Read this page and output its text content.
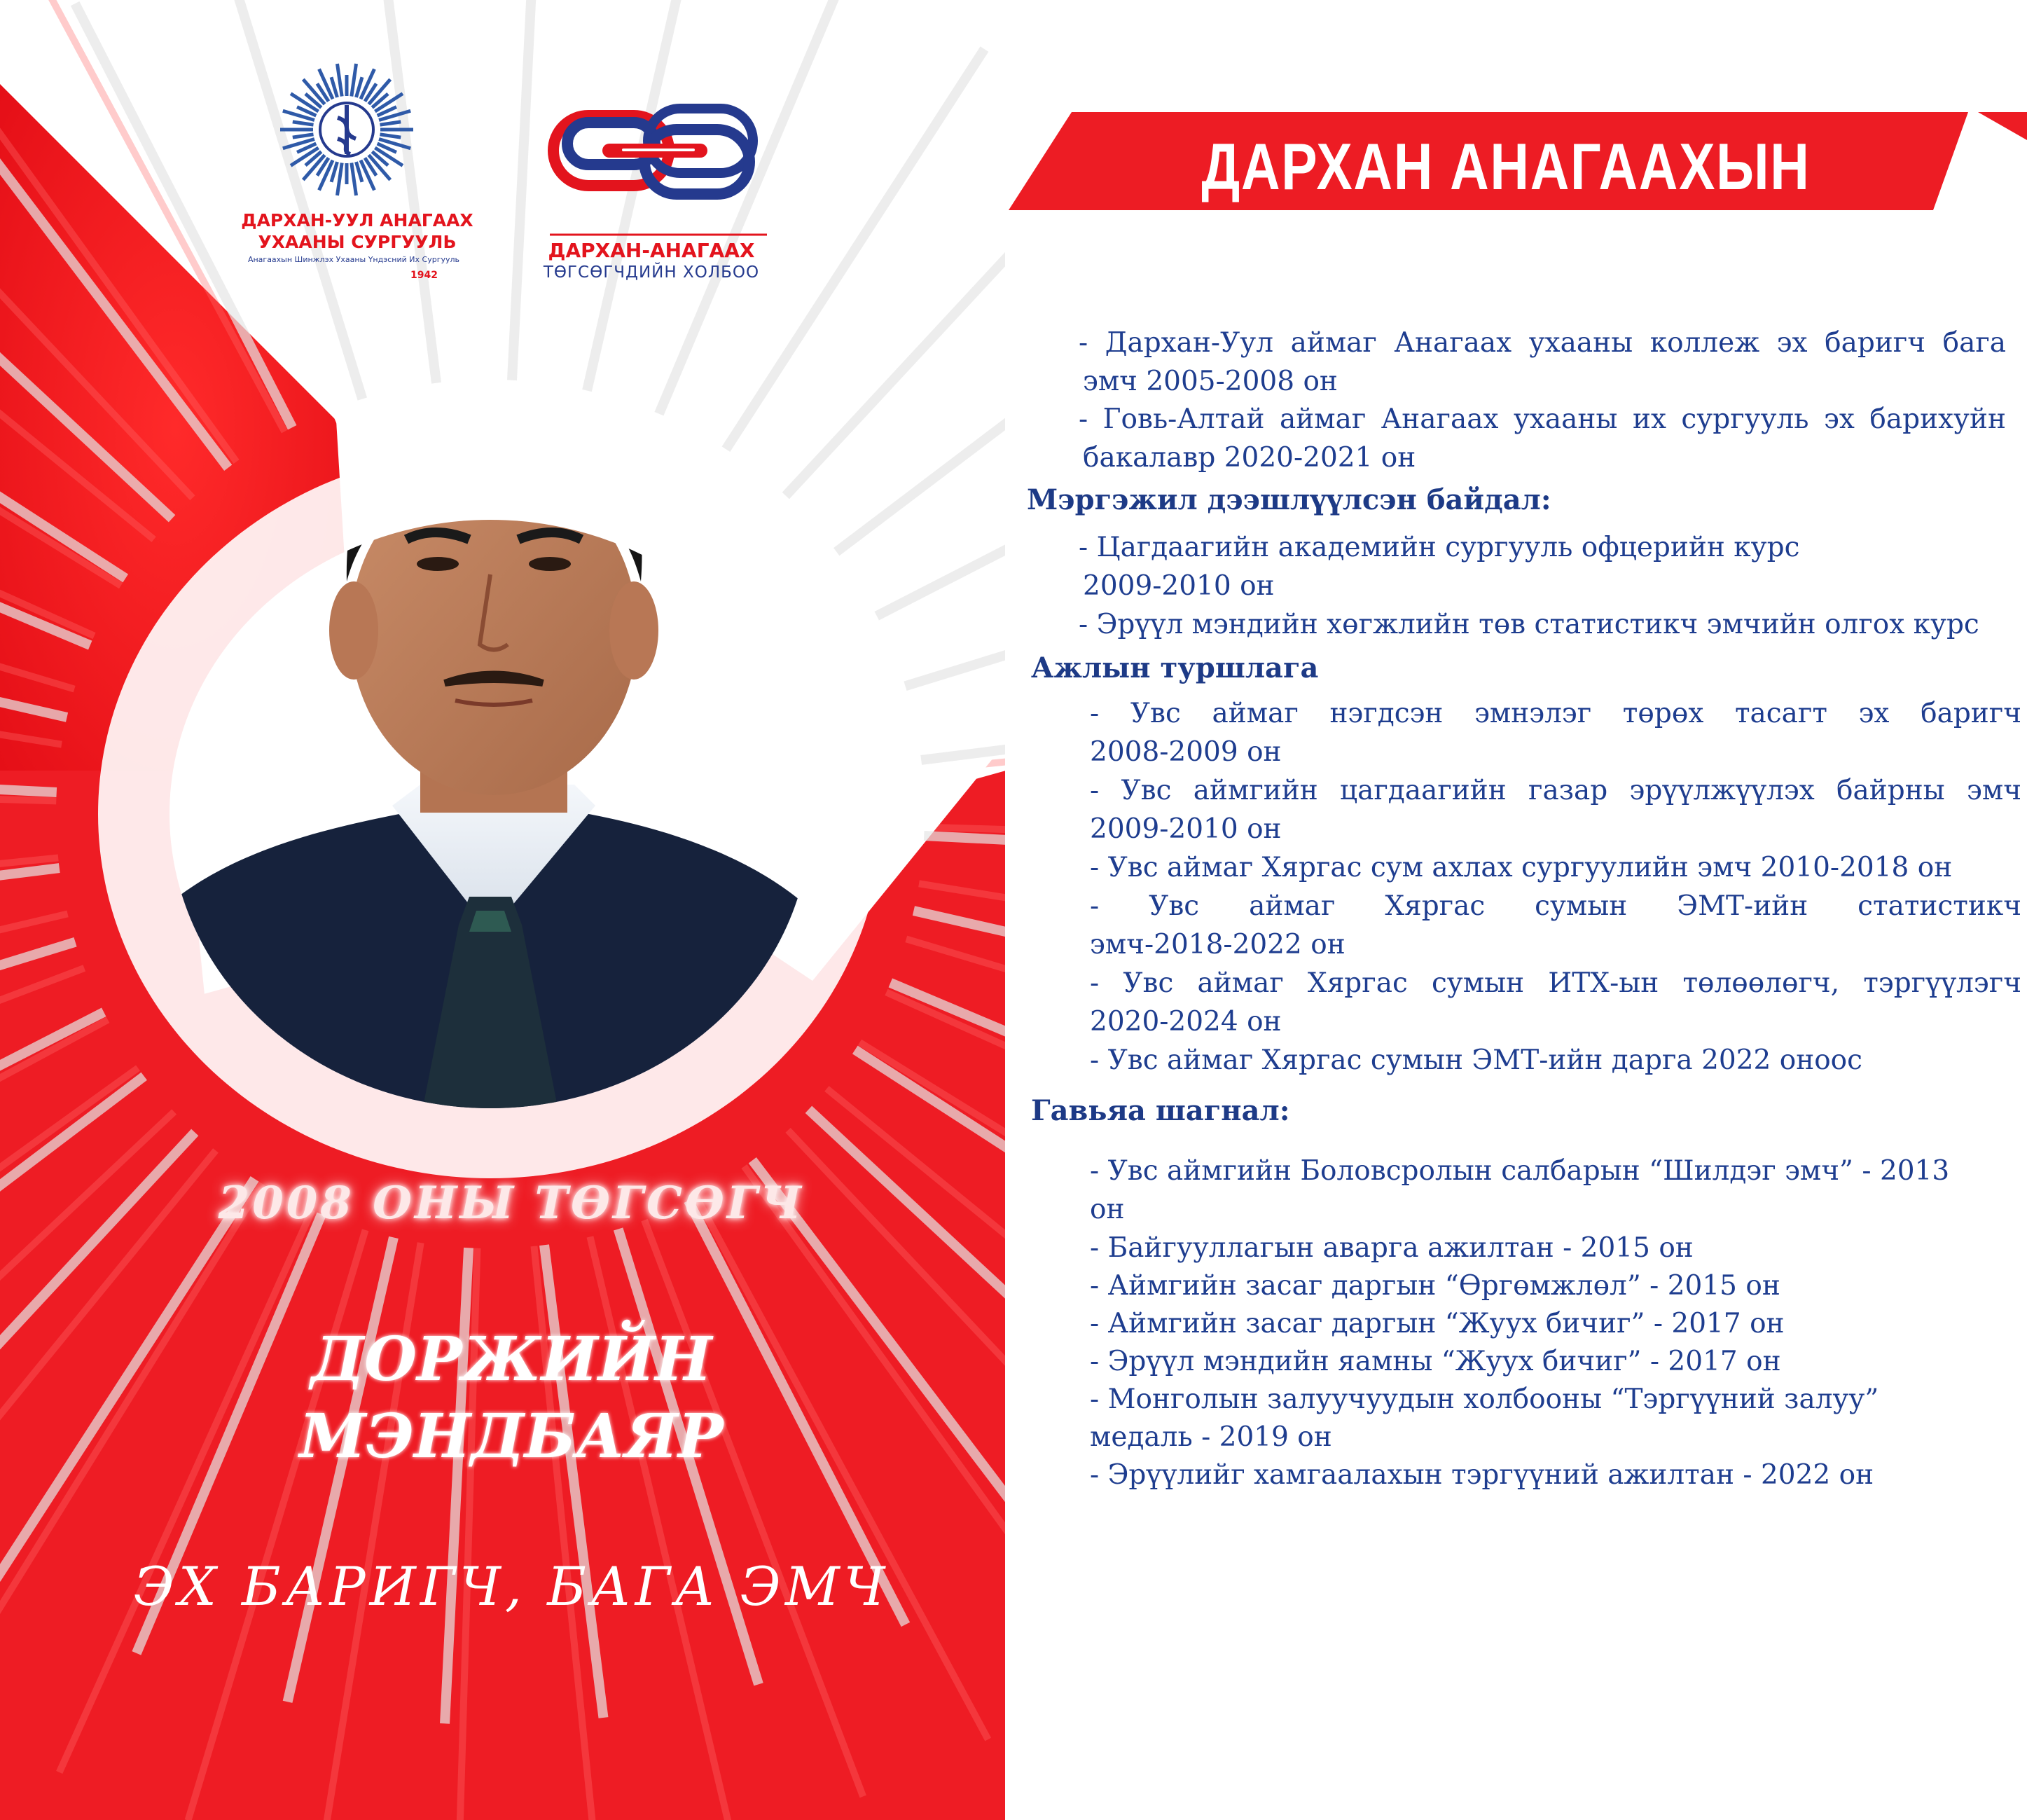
ДАРХАН-УУЛ АНАГААХ
УХААНЫ СУРГУУЛЬ
Анагаахын Шинжлэх Ухааны Үндэсний Их Сургууль
1942
ДАРХАН-АНАГААХ
ТӨГСӨГЧДИЙН ХОЛБОО
ДАРХАН АНАГААХЫН БАХАРХАЛ
2008 ОНЫ ТӨГСӨГЧ
ДОРЖИЙН
МЭНДБАЯР
ЭХ БАРИГЧ, БАГА ЭМЧ
- Дархан-Уул аймаг Анагаах ухааны коллеж эх баригч бага
эмч 2005-2008 он
- Говь-Алтай аймаг Анагаах ухааны их сургууль эх барихуйн
бакалавр 2020-2021 он
Мэргэжил дээшлүүлсэн байдал:
- Цагдаагийн академийн сургууль офцерийн курс
2009-2010 он
- Эрүүл мэндийн хөгжлийн төв статистикч эмчийн олгох курс
Ажлын туршлага
- Увс аймаг нэгдсэн эмнэлэг төрөх тасагт эх баригч
2008-2009 он
- Увс аймгийн цагдаагийн газар эрүүлжүүлэх байрны эмч
2009-2010 он
- Увс аймаг Хяргас сум ахлах сургуулийн эмч 2010-2018 он
- Увс аймаг Хяргас сумын ЭМТ-ийн статистикч
эмч-2018-2022 он
- Увс аймаг Хяргас сумын ИТХ-ын төлөөлөгч, тэргүүлэгч
2020-2024 он
- Увс аймаг Хяргас сумын ЭМТ-ийн дарга 2022 оноос
Гавьяа шагнал:
- Увс аймгийн Боловсролын салбарын “Шилдэг эмч” - 2013
он
- Байгууллагын аварга ажилтан - 2015 он
- Аймгийн засаг даргын “Өргөмжлөл” - 2015 он
- Аймгийн засаг даргын “Жуух бичиг” - 2017 он
- Эрүүл мэндийн яамны “Жуух бичиг” - 2017 он
- Монголын залуучуудын холбооны “Тэргүүний залуу”
медаль - 2019 он
- Эрүүлийг хамгаалахын тэргүүний ажилтан - 2022 он
